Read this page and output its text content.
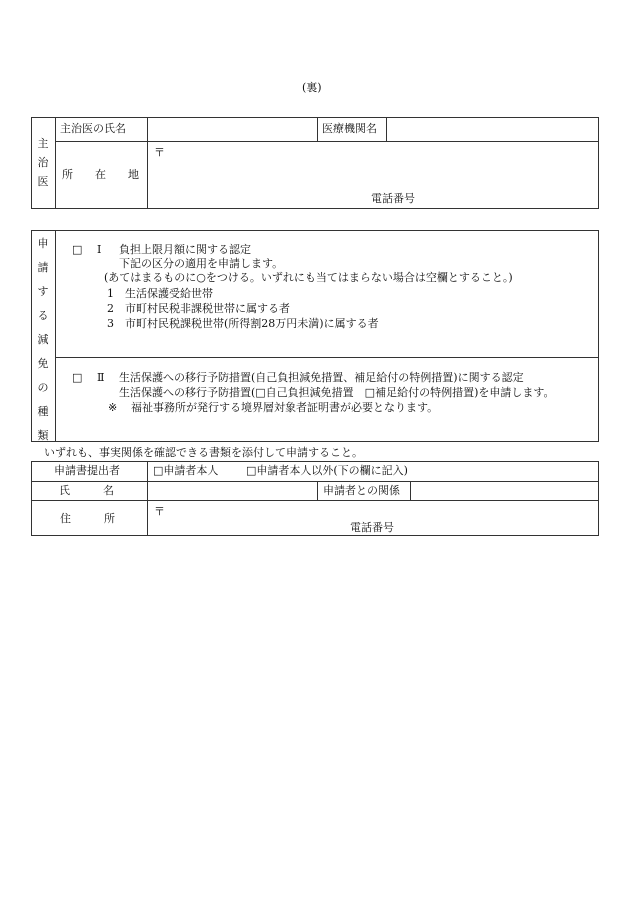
(裏)
主治医
主治医の氏名	医療機関名
所 在 地
〒
電話番号
申請する減免の種類
□ Ⅰ 負担上限月額に関する認定
下記の区分の適用を申請します。
(あてはまるものに○をつける。いずれにも当てはまらない場合は空欄とすること。)
1 生活保護受給世帯
2 市町村民税非課税世帯に属する者
3 市町村民税課税世帯(所得割28万円未満)に属する者
□ Ⅱ 生活保護への移行予防措置(自己負担減免措置、補足給付の特例措置)に関する認定
生活保護への移行予防措置(□自己負担減免措置　□補足給付の特例措置)を申請します。
※ 福祉事務所が発行する境界層対象者証明書が必要となります。
いずれも、事実関係を確認できる書類を添付して申請すること。
申請書提出者	□申請者本人	□申請者本人以外(下の欄に記入)
氏　　　名	申請者との関係
住　　　所
〒
電話番号
